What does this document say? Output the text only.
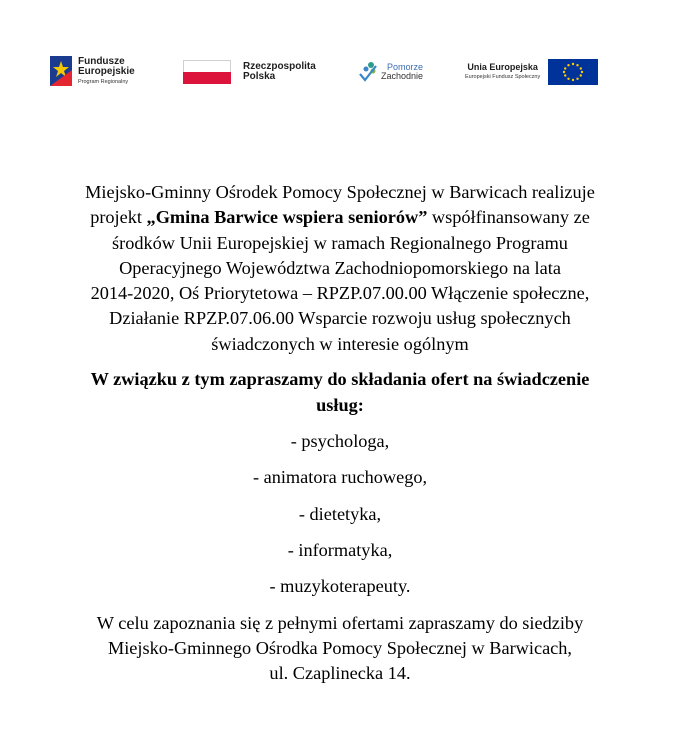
Fundusze
Europejskie
Program Regionalny
Rzeczpospolita
Polska
Pomorze
Zachodnie
Unia Europejska
Europejski Fundusz Społeczny

Miejsko-Gminny Ośrodek Pomocy Społecznej w Barwicach realizuje
projekt „Gmina Barwice wspiera seniorów” współfinansowany ze
środków Unii Europejskiej w ramach Regionalnego Programu
Operacyjnego Województwa Zachodniopomorskiego na lata
2014-2020, Oś Priorytetowa – RPZP.07.00.00 Włączenie społeczne,
Działanie RPZP.07.06.00 Wsparcie rozwoju usług społecznych
świadczonych w interesie ogólnym

W związku z tym zapraszamy do składania ofert na świadczenie
usług:

- psychologa,

- animatora ruchowego,

- dietetyka,

- informatyka,

- muzykoterapeuty.

W celu zapoznania się z pełnymi ofertami zapraszamy do siedziby
Miejsko-Gminnego Ośrodka Pomocy Społecznej w Barwicach,
ul. Czaplinecka 14.
